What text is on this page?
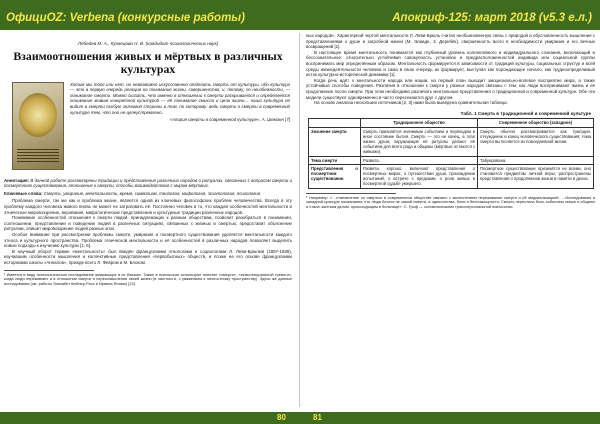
ОфициOZ: Verbena (конкурсные работы)	Апокриф-125: март 2018 (v5.3 е.л.)
Лебедев М. А., Кузнецова Н. В. (кандидат психологических наук)
Взаимоотношения живых и мёртвых в различных культурах
Хотим мы того или нет, но невозможно искусственно отделить смерть от культуры, ибо культура — это в первую очередь реакция на понимание жизни, совершенства, и, потому, по неизбежности, — понимание смерти. Можно сказать, что именно в отношении к смерти раскрывается и определяется понимание живым конкретной культурой — её понимание смысла и цели жизни… наша культура не видит в смерти особую значимой стороны в том, по которому: ведь смерти о смерти в современной культуре тем, что оно не целеустремлено.
«Апория смерти в современной культуре», А. Шеманн [7]
Аннотация: В данной работе рассмотрены традиции и представления различных народов о ритуалах, связанных с вопросом смерти и посмертного существования, отношение к смерти, способы взаимодействия с миром мёртвых.
Ключевые слова: Смерть, умирание, ментальность, время, символизм, теология, мифология, эсхатология, психология.

Проблема смерти, так же как и проблема жизни, является одной из ключевых философских проблем человечества. Всегда в эту проблему каждого человека живого вновь не может не затрагивать её. Постоянно человек в то, что каждая особенностей ментальности и этническое мировоззрение, верования, мифологические представления и культурные традиции различных народов.

Понимание особенностей отношения к смерти людей, принадлежащих к разным обществам, позволит разобраться в понимании, соотношении, представлении и поведении людей в различных ситуациях, связанных с жизнью и смертью, предоставит объяснение ритуалам, опишет мировоззрение людей разных эпох.

Особое внимание при рассмотрении проблемы смерти, умирания и посмертного существования уделяется ментальности каждого этноса и культурного пространства. Проблема этнической ментальности и её особенностей в различных народов позволяет выделить новые подходы к изучению культуры [1, 6].

В научный оборот термин «ментальность» был введён французскими этнологами и социологами Л. Леви-Брюлем (1857-1939), изучавшим особенности мышления и коллективные представления «первобытных» обществ, и позже на его основе французскими историками школы «Анналов», прежде всего Л. Февром и М. Блоком.

¹ Имеется в виду психологическое исследование умирающих и их близких. Также в психологии используют понятие «смерти», «экзистенциальной тревоги», когда люди переживают и в отношении смерти и переосмысления своей жизни (в частности, с уважением к личностному пространству). Здесь же данные исследования (см. работы Элизабет Кюблер-Росс и Ирвина Ялома) [13].

ных народов». Характерной чертой ментальности Л. Леви-Брюль считал необыкновенную связь с природой и обусловленность мышления с представлениями о душе и загробной жизни (М. Элиаде, 3. Дернбёк), свершённость всего в необходимости умирания и его вечных возвращений [1].

В настоящее время ментальность понимается как глубинный уровень коллективного и индивидуального сознания, включающий и бессознательное; относительно устойчивая совокупность установок и предрасположенностей индивида или социальной группы воспринимать мир определённым образом. Ментальность формируется в зависимости от традиций культуры, социальных структур и всей среды жизнедеятельности человека и сама в свою очередь их формирует, выступая как порождающее начало, как трудноопределимый исток культурно-исторической динамики [1].

Когда речь идёт о ментальности народа или нации, на первый план выходит эмоционально-волевое восприятие мира, а также устойчивые способы поведения. Различия в отношении к смерти у разных народов связаны с тем, как люди воспринимают жизнь и её продолжение после смерти. При этом необходимо различать ментальные представления о традиционной и современной культуре. Обе эти модели существуют одновременно и часто пересекаются друг с другом.

На основе анализа нескольких источников [2, 3] нами была выведена сравнительная таблица.

Табл. 1 Смерть в традиционной и современной культуре
	Традиционное общество	Современное общество (западное)
Значение смерти	Смерть признаётся значимым событием и переходом в иное состояние бытия. Смерть — это не конец, а этап жизни души; окружающие её ритуалы делают её событием для всего рода и общины (мёртвые остаются с живыми).	Смерть обычно рассматривается как трагедия, отчуждение и конец человеческого существования; тема смерти вытесняется из повседневной жизни.
Тема смерти	Развита.	Табуирована.
Представления о посмертном существовании	Развиты хорошо, включают представления о посмертных мирах, о путешествии души, прохождении испытаний, о встрече с предками, о роли живых в посмертной судьбе умершего.	Посмертное существование признаётся не всеми, оно становится предметом личной веры; распространены представления о продолжении жизни в памяти и делах.
¹ Например: «…становление со смертью в современном обществе связано с вытеснением переживания смерти и её медикализацией. …Исследования в западной культуре показывают, что люди боятся не самой смерти, а одиночества, боли и беспомощности. Смерть перестала быть событием семьи и общины и стала частным делом, происходящим в больнице». С. Гроф — основоположник трансперсональной психологии.
80	81
